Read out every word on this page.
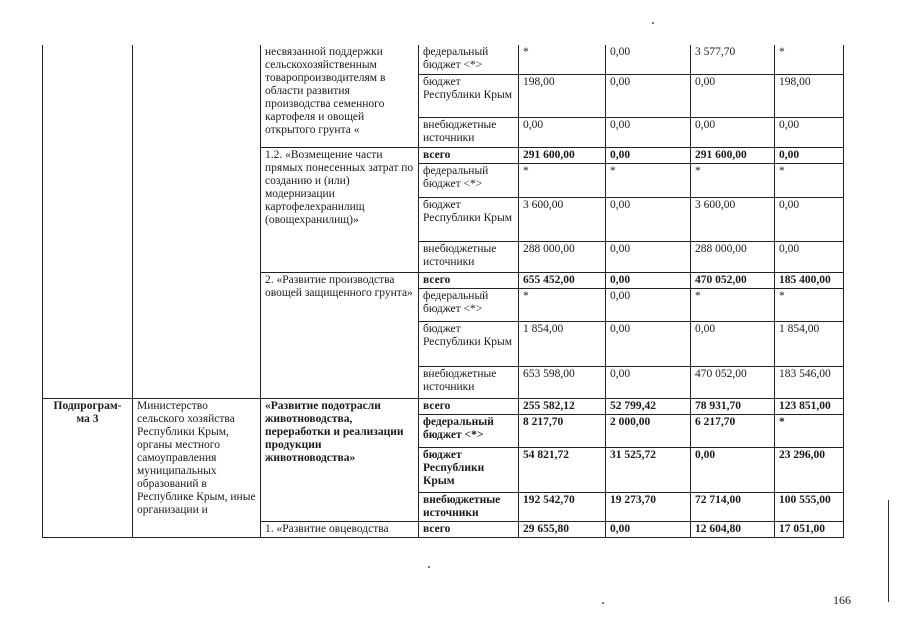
		несвязанной поддержки сельскохозяйственным товаропроизводителям в области развития производства семенного картофеля и овощей открытого грунта «	федеральный бюджет <*>	*	0,00	3 577,70	*
			бюджет Республики Крым	198,00	0,00	0,00	198,00
			внебюджетные источники	0,00	0,00	0,00	0,00
		1.2. «Возмещение части прямых понесенных затрат по созданию и (или) модернизации картофелехранилищ (овощехранилищ)»	всего	291 600,00	0,00	291 600,00	0,00
			федеральный бюджет <*>	*	*	*	*
			бюджет Республики Крым	3 600,00	0,00	3 600,00	0,00
			внебюджетные источники	288 000,00	0,00	288 000,00	0,00
		2. «Развитие производства овощей защищенного грунта»	всего	655 452,00	0,00	470 052,00	185 400,00
			федеральный бюджет <*>	*	0,00	*	*
			бюджет Республики Крым	1 854,00	0,00	0,00	1 854,00
			внебюджетные источники	653 598,00	0,00	470 052,00	183 546,00
Подпрограм-ма 3	Министерство сельского хозяйства Республики Крым, органы местного самоуправления муниципальных образований в Республике Крым, иные организации и	«Развитие подотрасли животноводства, переработки и реализации продукции животноводства»	всего	255 582,12	52 799,42	78 931,70	123 851,00
			федеральный бюджет <*>	8 217,70	2 000,00	6 217,70	*
			бюджет Республики Крым	54 821,72	31 525,72	0,00	23 296,00
			внебюджетные источники	192 542,70	19 273,70	72 714,00	100 555,00
		1. «Развитие овцеводства	всего	29 655,80	0,00	12 604,80	17 051,00
166
